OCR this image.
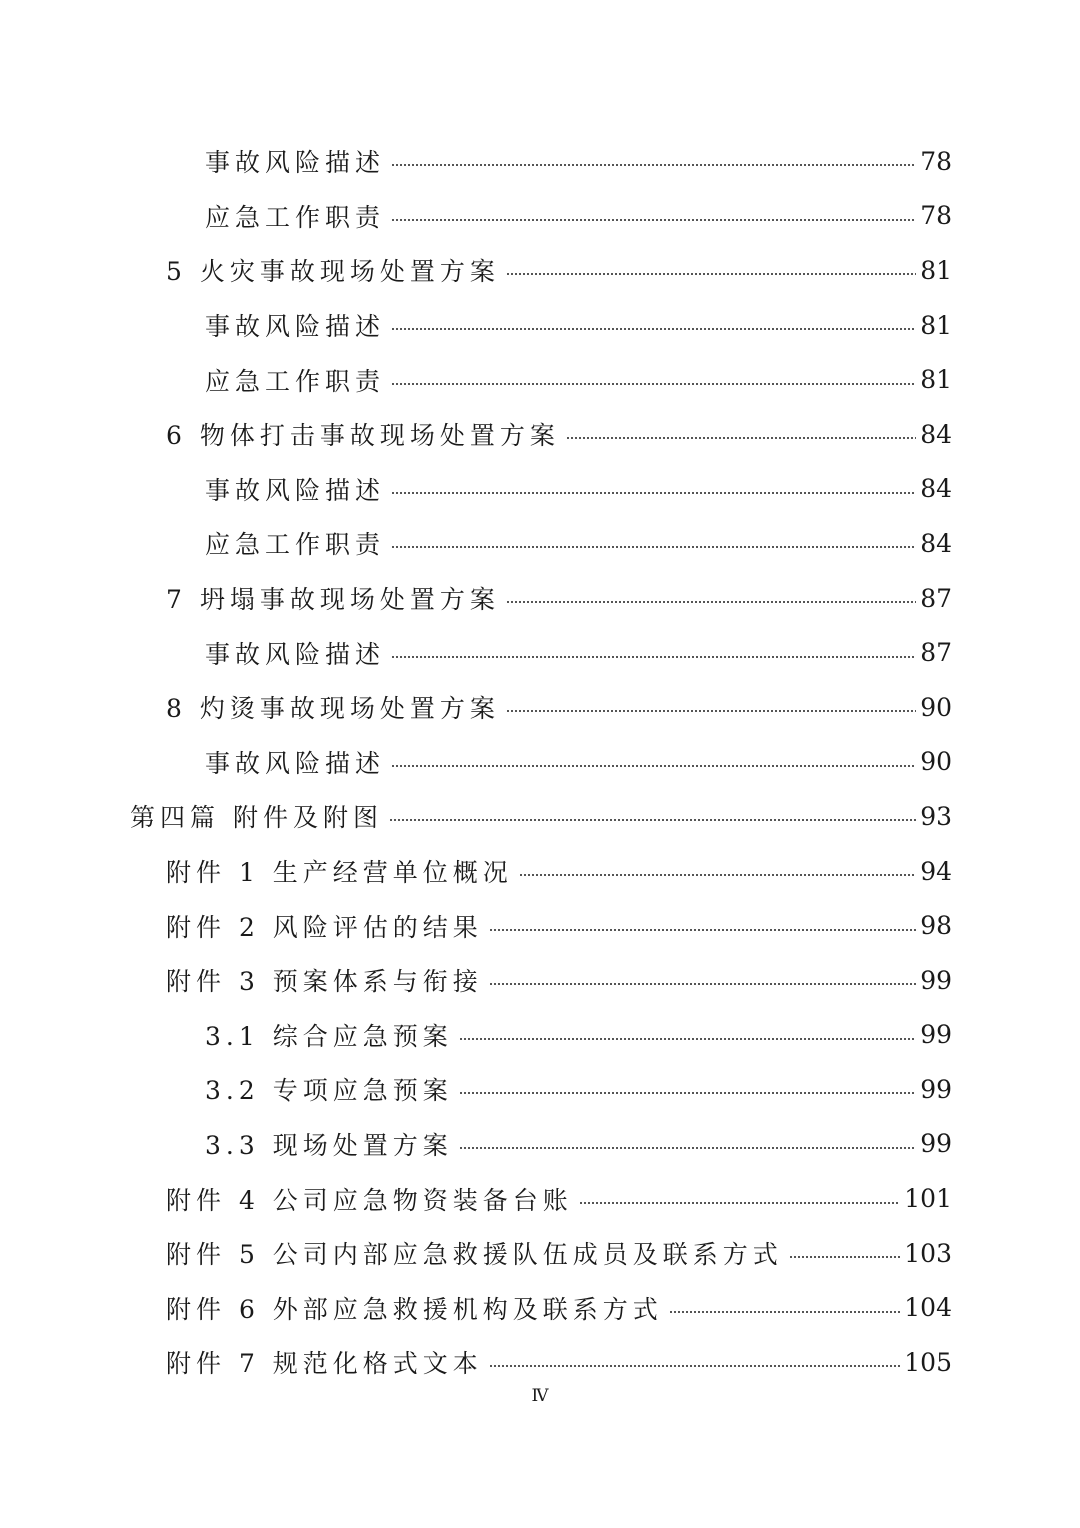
事故风险描述	78
应急工作职责	78
5 火灾事故现场处置方案	81
事故风险描述	81
应急工作职责	81
6 物体打击事故现场处置方案	84
事故风险描述	84
应急工作职责	84
7 坍塌事故现场处置方案	87
事故风险描述	87
8 灼烫事故现场处置方案	90
事故风险描述	90
第四篇 附件及附图	93
附件 1 生产经营单位概况	94
附件 2 风险评估的结果	98
附件 3 预案体系与衔接	99
3.1 综合应急预案	99
3.2 专项应急预案	99
3.3 现场处置方案	99
附件 4 公司应急物资装备台账	101
附件 5 公司内部应急救援队伍成员及联系方式	103
附件 6 外部应急救援机构及联系方式	104
附件 7 规范化格式文本	105
Ⅳ
